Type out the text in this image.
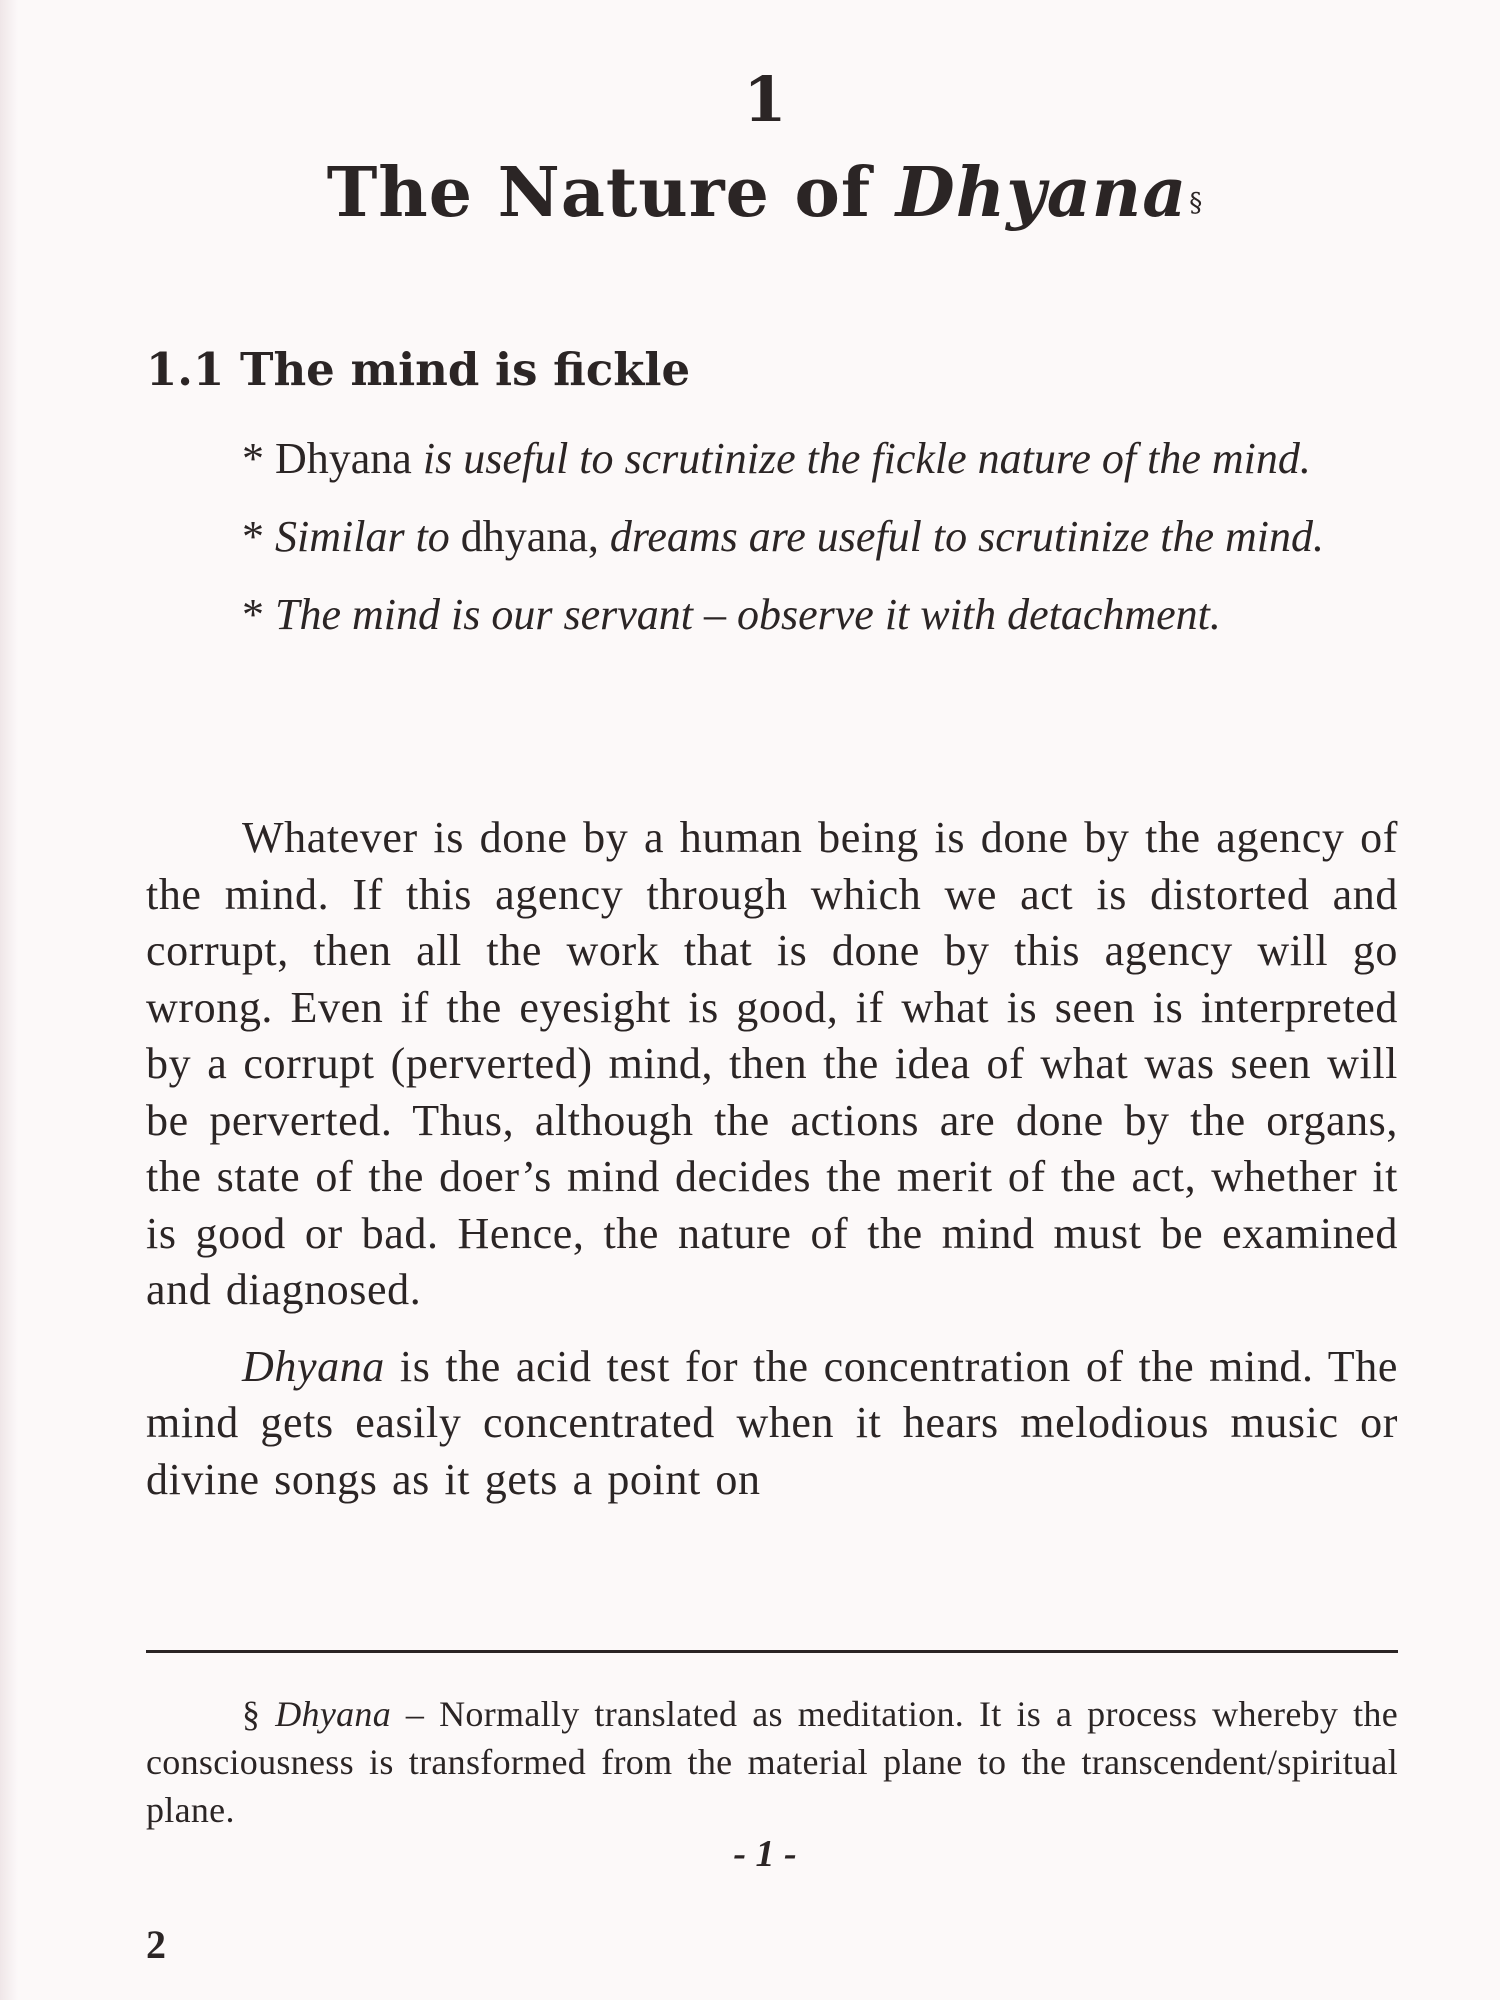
1
The Nature of Dhyana§
1.1 The mind is fickle

* Dhyana is useful to scrutinize the fickle nature of the mind.

* Similar to dhyana, dreams are useful to scrutinize the mind.

* The mind is our servant – observe it with detachment.

Whatever is done by a human being is done by the agency of the mind. If this agency through which we act is distorted and corrupt, then all the work that is done by this agency will go wrong. Even if the eyesight is good, if what is seen is interpreted by a corrupt (perverted) mind, then the idea of what was seen will be perverted. Thus, although the actions are done by the organs, the state of the doer’s mind decides the merit of the act, whether it is good or bad. Hence, the nature of the mind must be examined and diagnosed.

Dhyana is the acid test for the concentration of the mind. The mind gets easily concentrated when it hears melodious music or divine songs as it gets a point on

§ Dhyana – Normally translated as meditation. It is a process whereby the consciousness is transformed from the material plane to the transcendent/spiritual plane.

- 1 -
2
